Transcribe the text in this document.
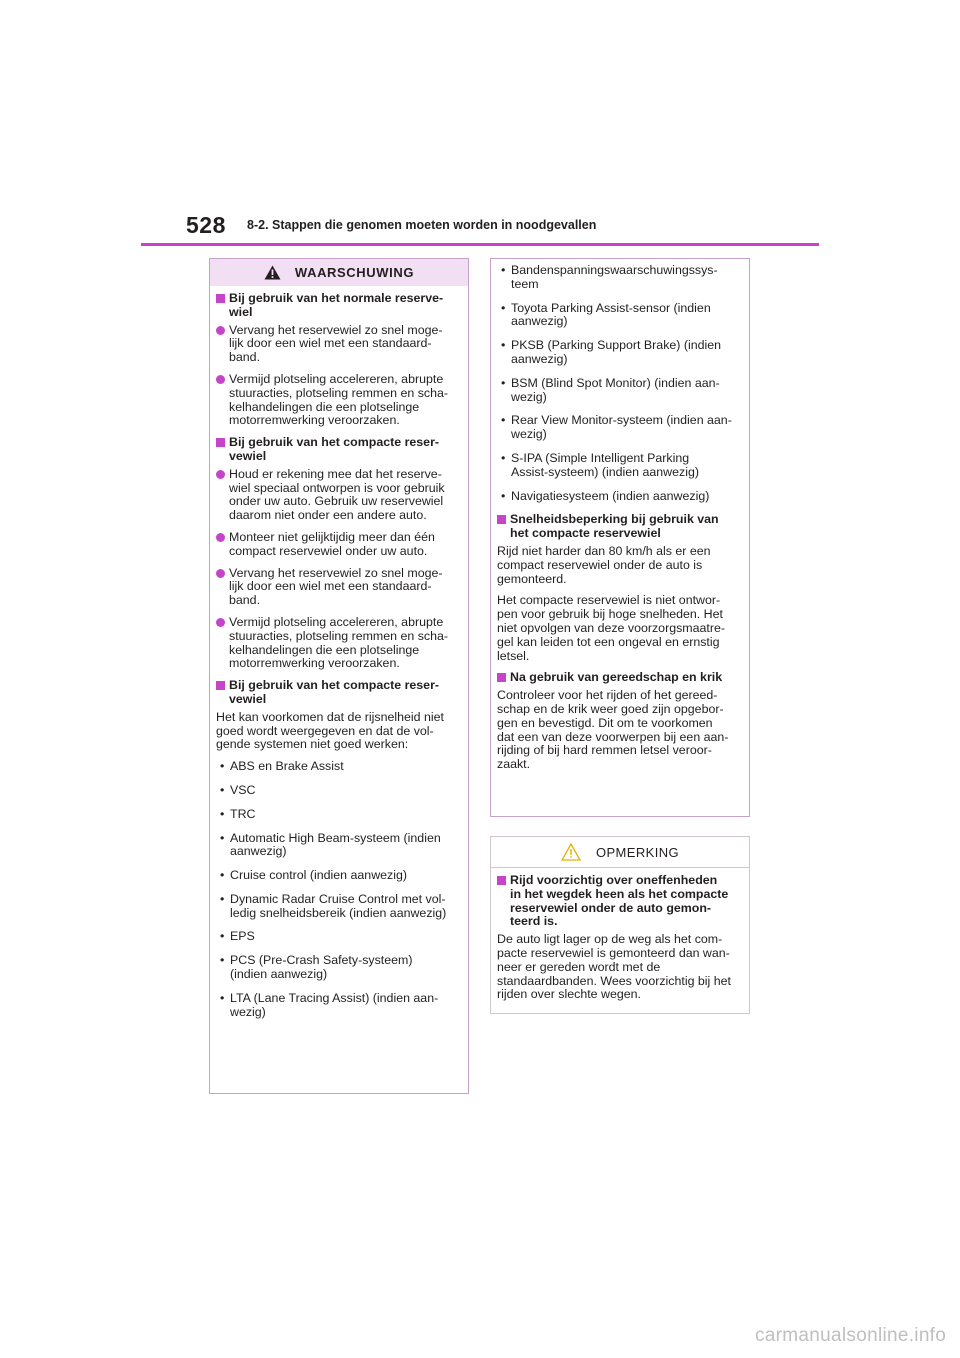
528 8-2. Stappen die genomen moeten worden in noodgevallen
WAARSCHUWING
Bij gebruik van het normale reserve-
wiel
Vervang het reservewiel zo snel moge-
lijk door een wiel met een standaard-
band.
Vermijd plotseling accelereren, abrupte
stuuracties, plotseling remmen en scha-
kelhandelingen die een plotselinge
motorremwerking veroorzaken.
Bij gebruik van het compacte reser-
vewiel
Houd er rekening mee dat het reserve-
wiel speciaal ontworpen is voor gebruik
onder uw auto. Gebruik uw reservewiel
daarom niet onder een andere auto.
Monteer niet gelijktijdig meer dan één
compact reservewiel onder uw auto.
Vervang het reservewiel zo snel moge-
lijk door een wiel met een standaard-
band.
Vermijd plotseling accelereren, abrupte
stuuracties, plotseling remmen en scha-
kelhandelingen die een plotselinge
motorremwerking veroorzaken.
Bij gebruik van het compacte reser-
vewiel
Het kan voorkomen dat de rijsnelheid niet
goed wordt weergegeven en dat de vol-
gende systemen niet goed werken:
• ABS en Brake Assist
• VSC
• TRC
• Automatic High Beam-systeem (indien
aanwezig)
• Cruise control (indien aanwezig)
• Dynamic Radar Cruise Control met vol-
ledig snelheidsbereik (indien aanwezig)
• EPS
• PCS (Pre-Crash Safety-systeem)
(indien aanwezig)
• LTA (Lane Tracing Assist) (indien aan-
wezig)
• Bandenspanningswaarschuwingssys-
teem
• Toyota Parking Assist-sensor (indien
aanwezig)
• PKSB (Parking Support Brake) (indien
aanwezig)
• BSM (Blind Spot Monitor) (indien aan-
wezig)
• Rear View Monitor-systeem (indien aan-
wezig)
• S-IPA (Simple Intelligent Parking
Assist-systeem) (indien aanwezig)
• Navigatiesysteem (indien aanwezig)
Snelheidsbeperking bij gebruik van
het compacte reservewiel
Rijd niet harder dan 80 km/h als er een
compact reservewiel onder de auto is
gemonteerd.
Het compacte reservewiel is niet ontwor-
pen voor gebruik bij hoge snelheden. Het
niet opvolgen van deze voorzorgsmaatre-
gel kan leiden tot een ongeval en ernstig
letsel.
Na gebruik van gereedschap en krik
Controleer voor het rijden of het gereed-
schap en de krik weer goed zijn opgebor-
gen en bevestigd. Dit om te voorkomen
dat een van deze voorwerpen bij een aan-
rijding of bij hard remmen letsel veroor-
zaakt.
OPMERKING
Rijd voorzichtig over oneffenheden
in het wegdek heen als het compacte
reservewiel onder de auto gemon-
teerd is.
De auto ligt lager op de weg als het com-
pacte reservewiel is gemonteerd dan wan-
neer er gereden wordt met de
standaardbanden. Wees voorzichtig bij het
rijden over slechte wegen.
carmanualsonline.info
